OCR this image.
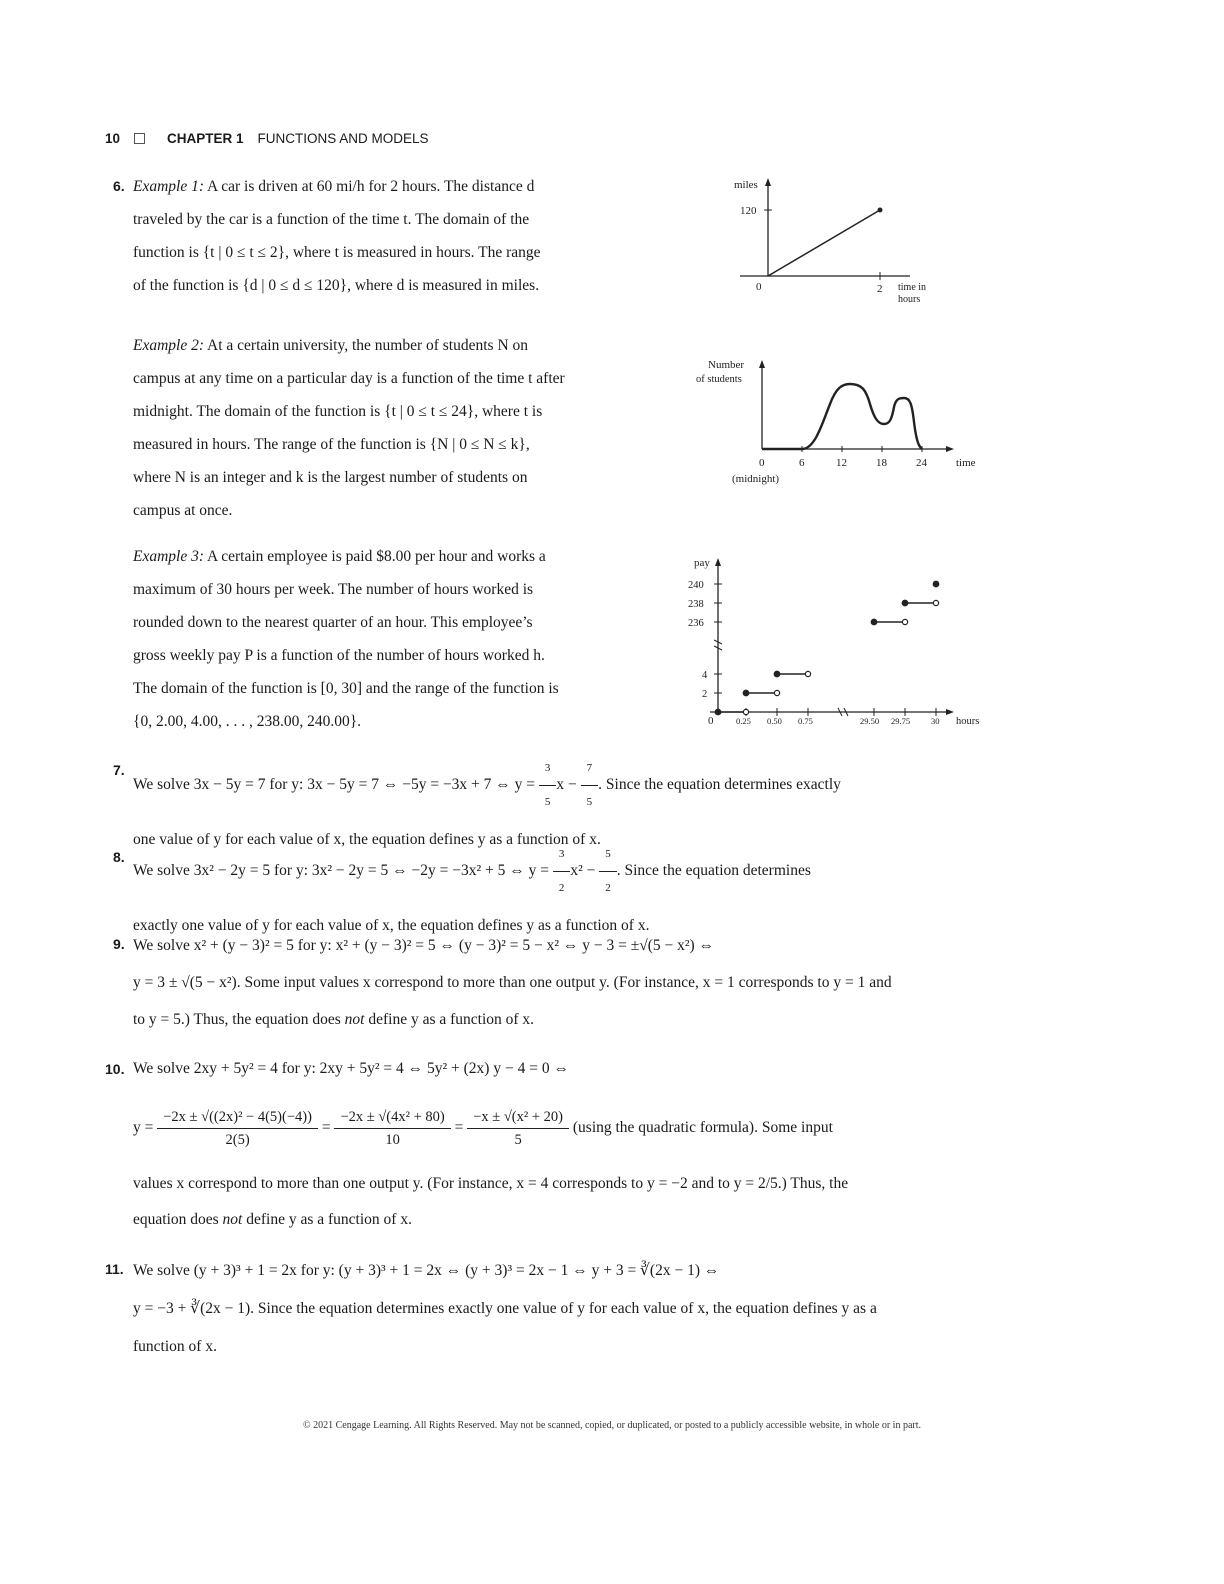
10	CHAPTER 1 FUNCTIONS AND MODELS
6. Example 1: A car is driven at 60 mi/h for 2 hours. The distance d
traveled by the car is a function of the time t. The domain of the
function is {t | 0 ≤ t ≤ 2}, where t is measured in hours. The range
of the function is {d | 0 ≤ d ≤ 120}, where d is measured in miles.
Example 2: At a certain university, the number of students N on
campus at any time on a particular day is a function of the time t after
midnight. The domain of the function is {t | 0 ≤ t ≤ 24}, where t is
measured in hours. The range of the function is {N | 0 ≤ N ≤ k},
where N is an integer and k is the largest number of students on
campus at once.
Example 3: A certain employee is paid $8.00 per hour and works a
maximum of 30 hours per week. The number of hours worked is
rounded down to the nearest quarter of an hour. This employee’s
gross weekly pay P is a function of the number of hours worked h.
The domain of the function is [0, 30] and the range of the function is
{0, 2.00, 4.00, . . . , 238.00, 240.00}.
miles
120
0	2 time in
hours
Number
of students
0	6	12	18	24	time
(midnight)
pay
240
238
236
4
2
0	0.25 0.50 0.75	29.50 29.75 30 hours
7.
We solve 3x − 5y = 7 for y: 3x − 5y = 7 ⇔ −5y = −3x + 7 ⇔ $y = \frac{3}{5}$ $x - \frac{7}{5}$ . Since the equation determines exactly
one value of y for each value of x, the equation defines y as a function of x.
8.
We solve 3x² − 2y = 5 for y: 3x² − 2y = 5 ⇔ −2y = −3x² + 5 ⇔ $y = \frac{3}{2} x^2 - \frac{5}{2}$ . Since the equation determines
exactly one value of y for each value of x, the equation defines y as a function of x.
9. We solve x² + (y − 3)² = 5 for y: x² + (y − 3)² = 5 ⇔ (y − 3)² = 5 − x² ⇔ y − 3 = ±√(5 − x²) ⇔
y = 3 ± √(5 − x²). Some input values x correspond to more than one output y. (For instance, x = 1 corresponds to y = 1 and
to y = 5.) Thus, the equation does not define y as a function of x.
10. We solve 2xy + 5y² = 4 for y: 2xy + 5y² = 4 ⇔ 5y² + (2x) y − 4 = 0 ⇔
$y = \frac{\text{−2x ± √((2x)² − 4(5)(−4))}}{2(5)} = \frac{\text{−2x ± √(4x² + 80)}}{10} = \frac{\text{−x ± √(x² + 20)}}{5} (using$ the quadratic formula). Some input
values x correspond to more than one output y. (For instance, x = 4 corresponds to y = −2 and to y = 2/5.) Thus, the
equation does not define y as a function of x.
11. We solve (y + 3)³ + 1 = 2x for y: (y + 3)³ + 1 = 2x ⇔ (y + 3)³ = 2x − 1 ⇔ y + 3 = ∛(2x − 1) ⇔
y = −3 + ∛(2x − 1). Since the equation determines exactly one value of y for each value of x, the equation defines y as a
function of x.
© 2021 Cengage Learning. All Rights Reserved. May not be scanned, copied, or duplicated, or posted to a publicly accessible website, in whole or in part.
